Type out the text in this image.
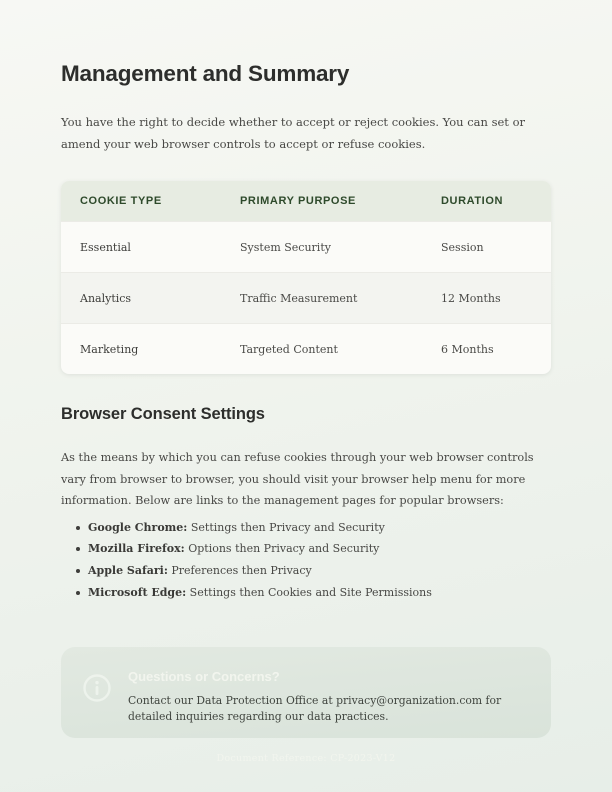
Management and Summary

You have the right to decide whether to accept or reject cookies. You can set or amend your web browser controls to accept or refuse cookies.

COOKIE TYPE	PRIMARY PURPOSE	DURATION
Essential	System Security	Session
Analytics	Traffic Measurement	12 Months
Marketing	Targeted Content	6 Months
Browser Consent Settings

As the means by which you can refuse cookies through your web browser controls vary from browser to browser, you should visit your browser help menu for more information. Below are links to the management pages for popular browsers:

Google Chrome: Settings then Privacy and Security
Mozilla Firefox: Options then Privacy and Security
Apple Safari: Preferences then Privacy
Microsoft Edge: Settings then Cookies and Site Permissions

Questions or Concerns?

Contact our Data Protection Office at privacy@organization.com for detailed inquiries regarding our data practices.

Document Reference: CP-2023-V12
